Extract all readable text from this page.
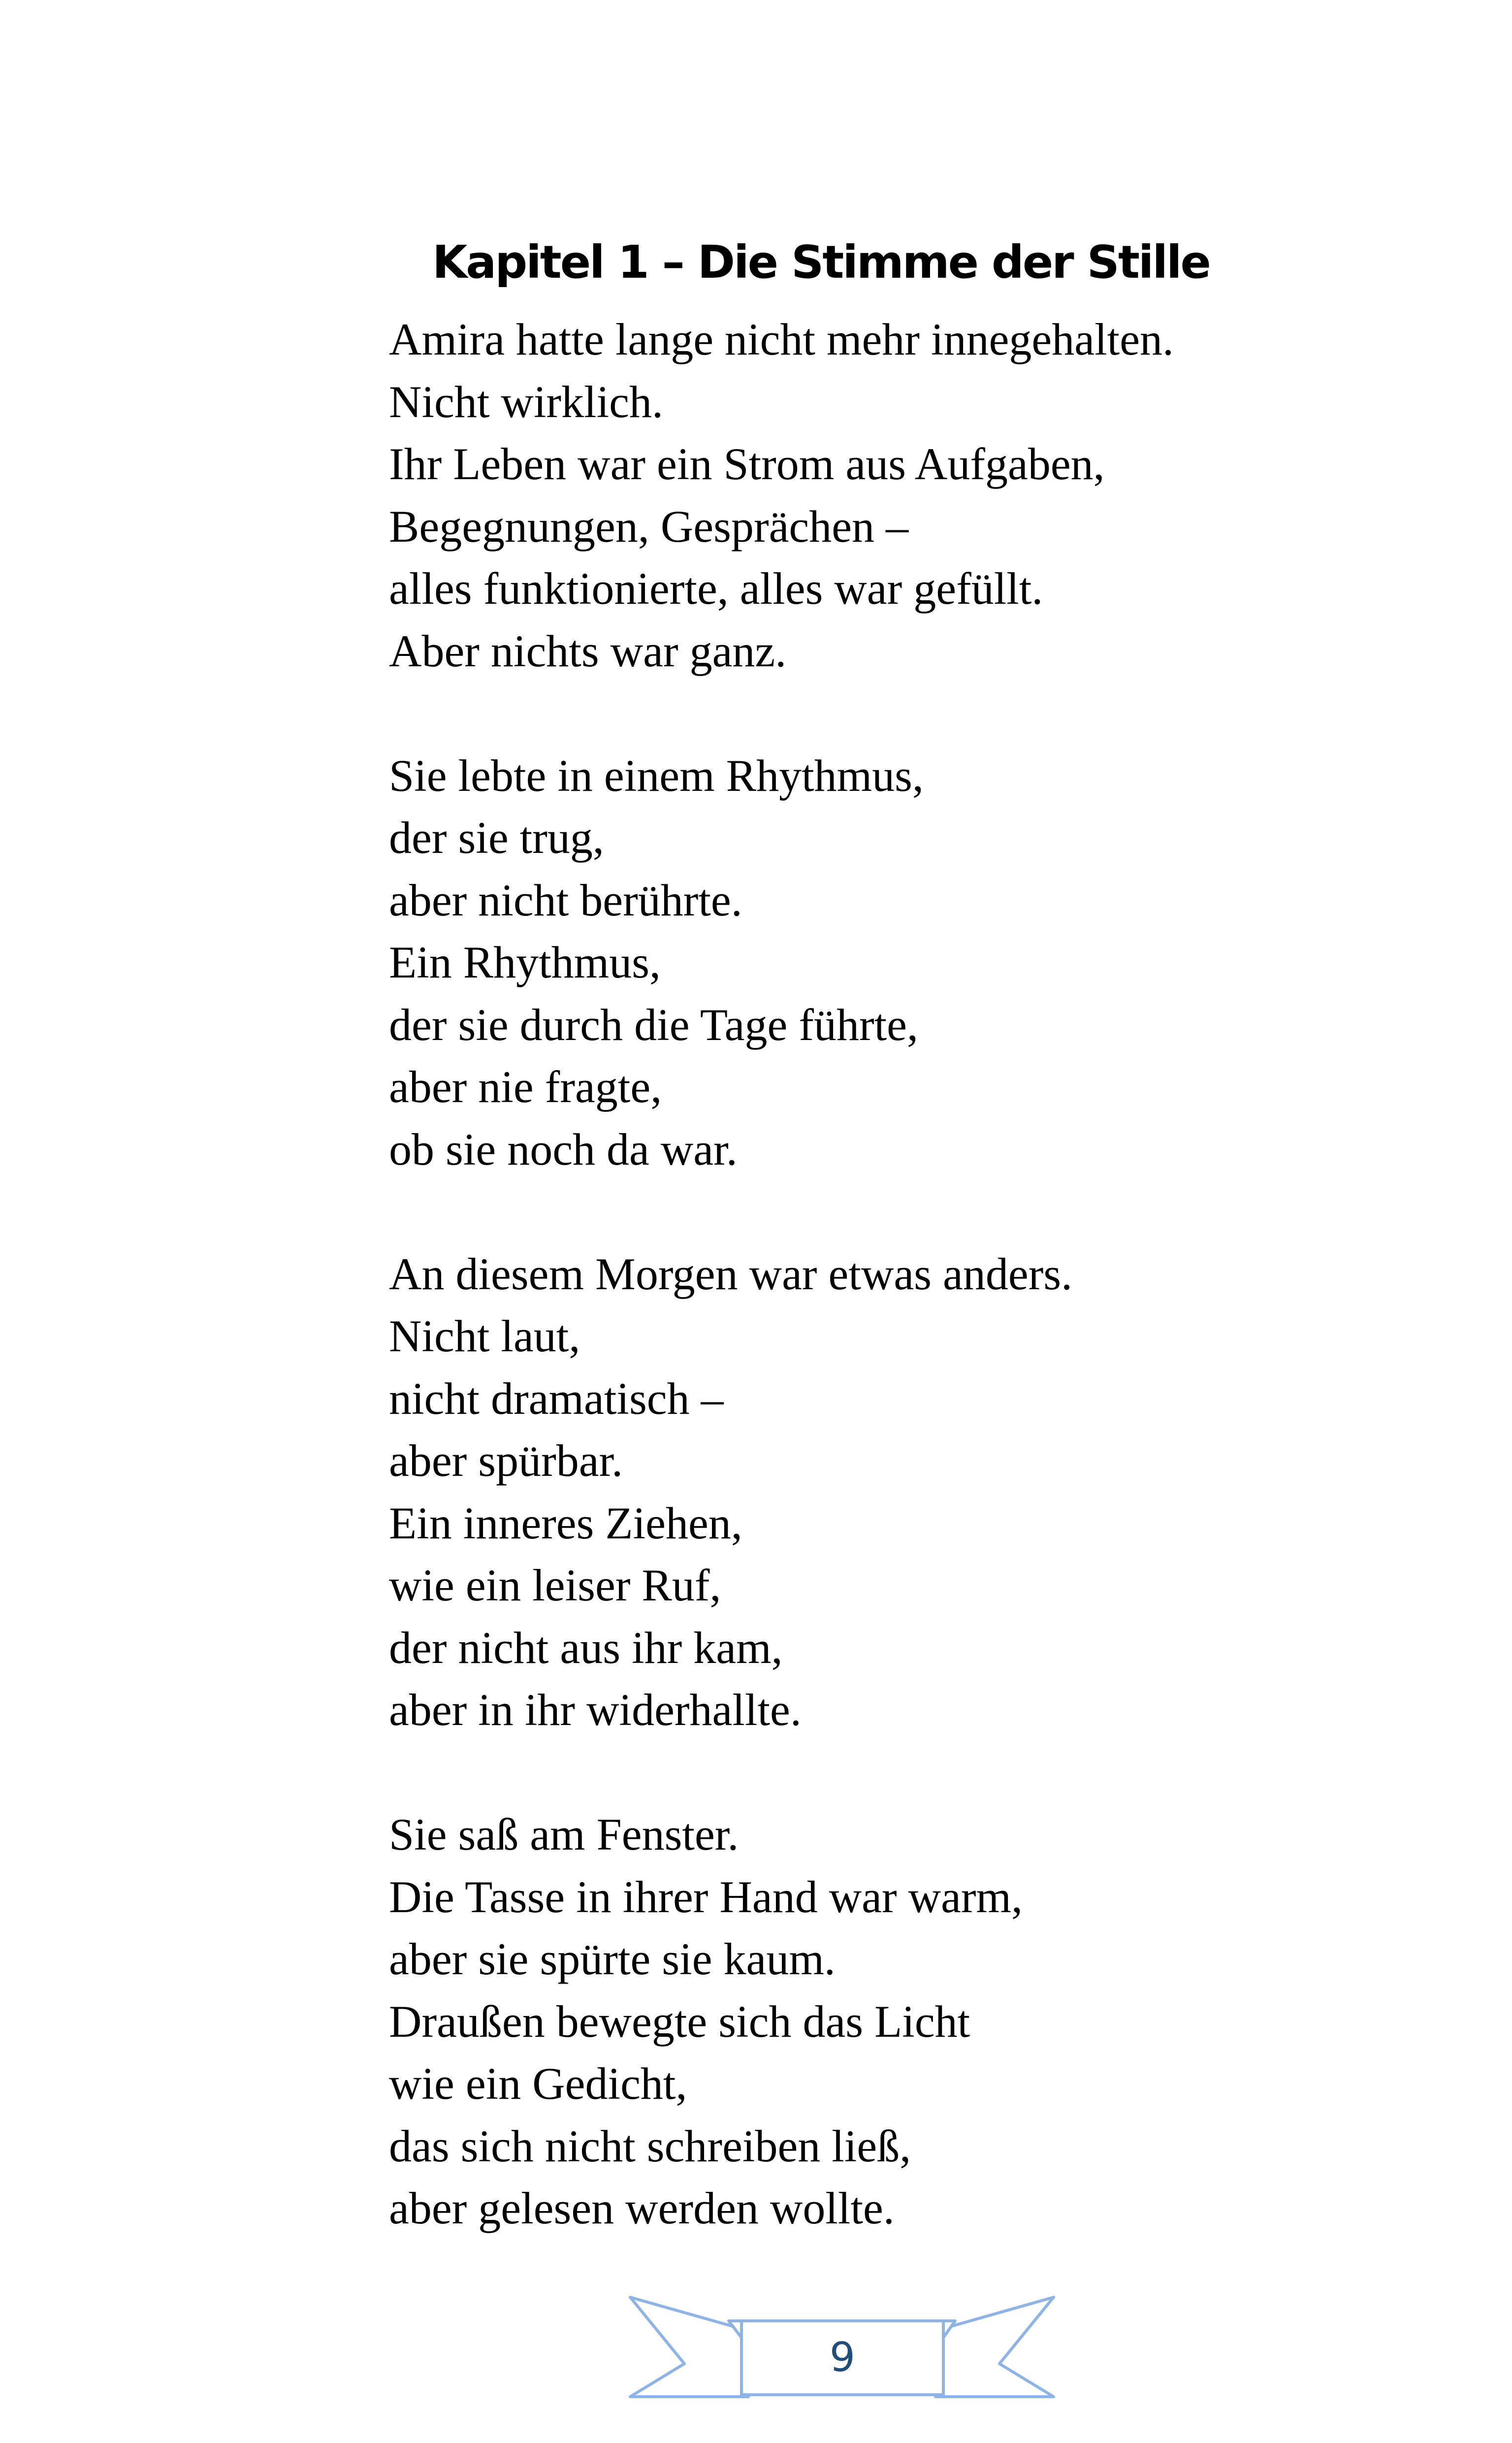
Kapitel 1 – Die Stimme der Stille

Amira hatte lange nicht mehr innegehalten.
Nicht wirklich.
Ihr Leben war ein Strom aus Aufgaben,
Begegnungen, Gesprächen –
alles funktionierte, alles war gefüllt.
Aber nichts war ganz.

Sie lebte in einem Rhythmus,
der sie trug,
aber nicht berührte.
Ein Rhythmus,
der sie durch die Tage führte,
aber nie fragte,
ob sie noch da war.

An diesem Morgen war etwas anders.
Nicht laut,
nicht dramatisch –
aber spürbar.
Ein inneres Ziehen,
wie ein leiser Ruf,
der nicht aus ihr kam,
aber in ihr widerhallte.

Sie saß am Fenster.
Die Tasse in ihrer Hand war warm,
aber sie spürte sie kaum.
Draußen bewegte sich das Licht
wie ein Gedicht,
das sich nicht schreiben ließ,
aber gelesen werden wollte.

9
